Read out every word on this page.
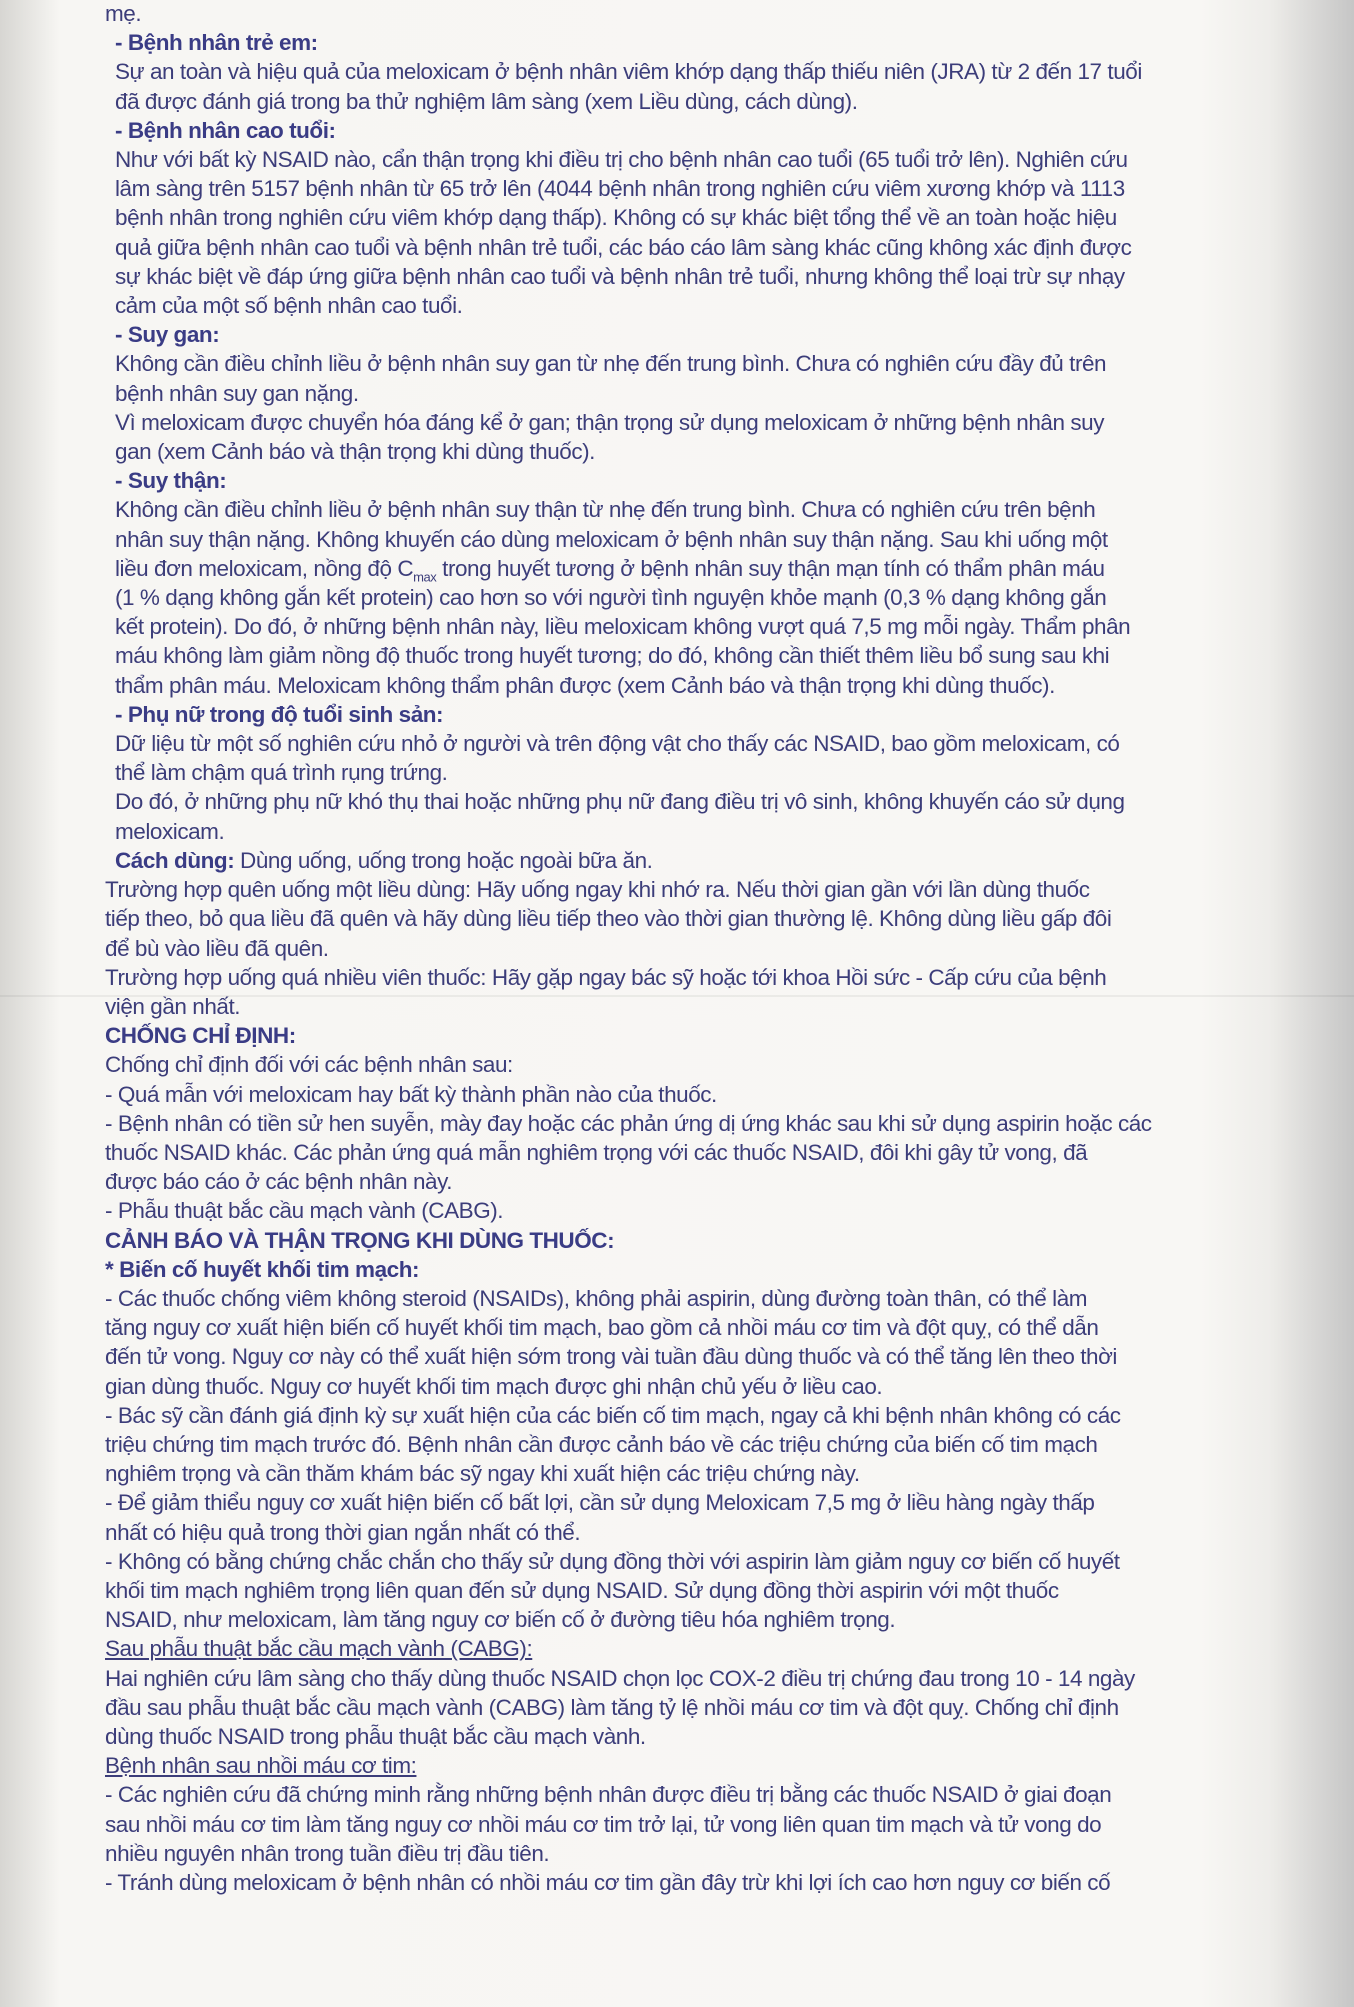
mẹ.

- Bệnh nhân trẻ em:

Sự an toàn và hiệu quả của meloxicam ở bệnh nhân viêm khớp dạng thấp thiếu niên (JRA) từ 2 đến 17 tuổi

đã được đánh giá trong ba thử nghiệm lâm sàng (xem Liều dùng, cách dùng).

- Bệnh nhân cao tuổi:

Như với bất kỳ NSAID nào, cẩn thận trọng khi điều trị cho bệnh nhân cao tuổi (65 tuổi trở lên). Nghiên cứu

lâm sàng trên 5157 bệnh nhân từ 65 trở lên (4044 bệnh nhân trong nghiên cứu viêm xương khớp và 1113

bệnh nhân trong nghiên cứu viêm khớp dạng thấp). Không có sự khác biệt tổng thể về an toàn hoặc hiệu

quả giữa bệnh nhân cao tuổi và bệnh nhân trẻ tuổi, các báo cáo lâm sàng khác cũng không xác định được

sự khác biệt về đáp ứng giữa bệnh nhân cao tuổi và bệnh nhân trẻ tuổi, nhưng không thể loại trừ sự nhạy

cảm của một số bệnh nhân cao tuổi.

- Suy gan:

Không cần điều chỉnh liều ở bệnh nhân suy gan từ nhẹ đến trung bình. Chưa có nghiên cứu đầy đủ trên

bệnh nhân suy gan nặng.

Vì meloxicam được chuyển hóa đáng kể ở gan; thận trọng sử dụng meloxicam ở những bệnh nhân suy

gan (xem Cảnh báo và thận trọng khi dùng thuốc).

- Suy thận:

Không cần điều chỉnh liều ở bệnh nhân suy thận từ nhẹ đến trung bình. Chưa có nghiên cứu trên bệnh

nhân suy thận nặng. Không khuyến cáo dùng meloxicam ở bệnh nhân suy thận nặng. Sau khi uống một

liều đơn meloxicam, nồng độ $C_{max}$ trong huyết tương ở bệnh nhân suy thận mạn tính có thẩm phân máu

(1 % dạng không gắn kết protein) cao hơn so với người tình nguyện khỏe mạnh (0,3 % dạng không gắn

kết protein). Do đó, ở những bệnh nhân này, liều meloxicam không vượt quá 7,5 mg mỗi ngày. Thẩm phân

máu không làm giảm nồng độ thuốc trong huyết tương; do đó, không cần thiết thêm liều bổ sung sau khi

thẩm phân máu. Meloxicam không thẩm phân được (xem Cảnh báo và thận trọng khi dùng thuốc).

- Phụ nữ trong độ tuổi sinh sản:

Dữ liệu từ một số nghiên cứu nhỏ ở người và trên động vật cho thấy các NSAID, bao gồm meloxicam, có

thể làm chậm quá trình rụng trứng.

Do đó, ở những phụ nữ khó thụ thai hoặc những phụ nữ đang điều trị vô sinh, không khuyến cáo sử dụng

meloxicam.

Cách dùng: Dùng uống, uống trong hoặc ngoài bữa ăn.

Trường hợp quên uống một liều dùng: Hãy uống ngay khi nhớ ra. Nếu thời gian gần với lần dùng thuốc

tiếp theo, bỏ qua liều đã quên và hãy dùng liều tiếp theo vào thời gian thường lệ. Không dùng liều gấp đôi

để bù vào liều đã quên.

Trường hợp uống quá nhiều viên thuốc: Hãy gặp ngay bác sỹ hoặc tới khoa Hồi sức - Cấp cứu của bệnh

viện gần nhất.

CHỐNG CHỈ ĐỊNH:

Chống chỉ định đối với các bệnh nhân sau:

- Quá mẫn với meloxicam hay bất kỳ thành phần nào của thuốc.

- Bệnh nhân có tiền sử hen suyễn, mày đay hoặc các phản ứng dị ứng khác sau khi sử dụng aspirin hoặc các

thuốc NSAID khác. Các phản ứng quá mẫn nghiêm trọng với các thuốc NSAID, đôi khi gây tử vong, đã

được báo cáo ở các bệnh nhân này.

- Phẫu thuật bắc cầu mạch vành (CABG).

CẢNH BÁO VÀ THẬN TRỌNG KHI DÙNG THUỐC:

* Biến cố huyết khối tim mạch:

- Các thuốc chống viêm không steroid (NSAIDs), không phải aspirin, dùng đường toàn thân, có thể làm

tăng nguy cơ xuất hiện biến cố huyết khối tim mạch, bao gồm cả nhồi máu cơ tim và đột quỵ, có thể dẫn

đến tử vong. Nguy cơ này có thể xuất hiện sớm trong vài tuần đầu dùng thuốc và có thể tăng lên theo thời

gian dùng thuốc. Nguy cơ huyết khối tim mạch được ghi nhận chủ yếu ở liều cao.

- Bác sỹ cần đánh giá định kỳ sự xuất hiện của các biến cố tim mạch, ngay cả khi bệnh nhân không có các

triệu chứng tim mạch trước đó. Bệnh nhân cần được cảnh báo về các triệu chứng của biến cố tim mạch

nghiêm trọng và cần thăm khám bác sỹ ngay khi xuất hiện các triệu chứng này.

- Để giảm thiểu nguy cơ xuất hiện biến cố bất lợi, cần sử dụng Meloxicam 7,5 mg ở liều hàng ngày thấp

nhất có hiệu quả trong thời gian ngắn nhất có thể.

- Không có bằng chứng chắc chắn cho thấy sử dụng đồng thời với aspirin làm giảm nguy cơ biến cố huyết

khối tim mạch nghiêm trọng liên quan đến sử dụng NSAID. Sử dụng đồng thời aspirin với một thuốc

NSAID, như meloxicam, làm tăng nguy cơ biến cố ở đường tiêu hóa nghiêm trọng.

Sau phẫu thuật bắc cầu mạch vành (CABG):

Hai nghiên cứu lâm sàng cho thấy dùng thuốc NSAID chọn lọc COX-2 điều trị chứng đau trong 10 - 14 ngày

đầu sau phẫu thuật bắc cầu mạch vành (CABG) làm tăng tỷ lệ nhồi máu cơ tim và đột quỵ. Chống chỉ định

dùng thuốc NSAID trong phẫu thuật bắc cầu mạch vành.

Bệnh nhân sau nhồi máu cơ tim:

- Các nghiên cứu đã chứng minh rằng những bệnh nhân được điều trị bằng các thuốc NSAID ở giai đoạn

sau nhồi máu cơ tim làm tăng nguy cơ nhồi máu cơ tim trở lại, tử vong liên quan tim mạch và tử vong do

nhiều nguyên nhân trong tuần điều trị đầu tiên.

- Tránh dùng meloxicam ở bệnh nhân có nhồi máu cơ tim gần đây trừ khi lợi ích cao hơn nguy cơ biến cố
